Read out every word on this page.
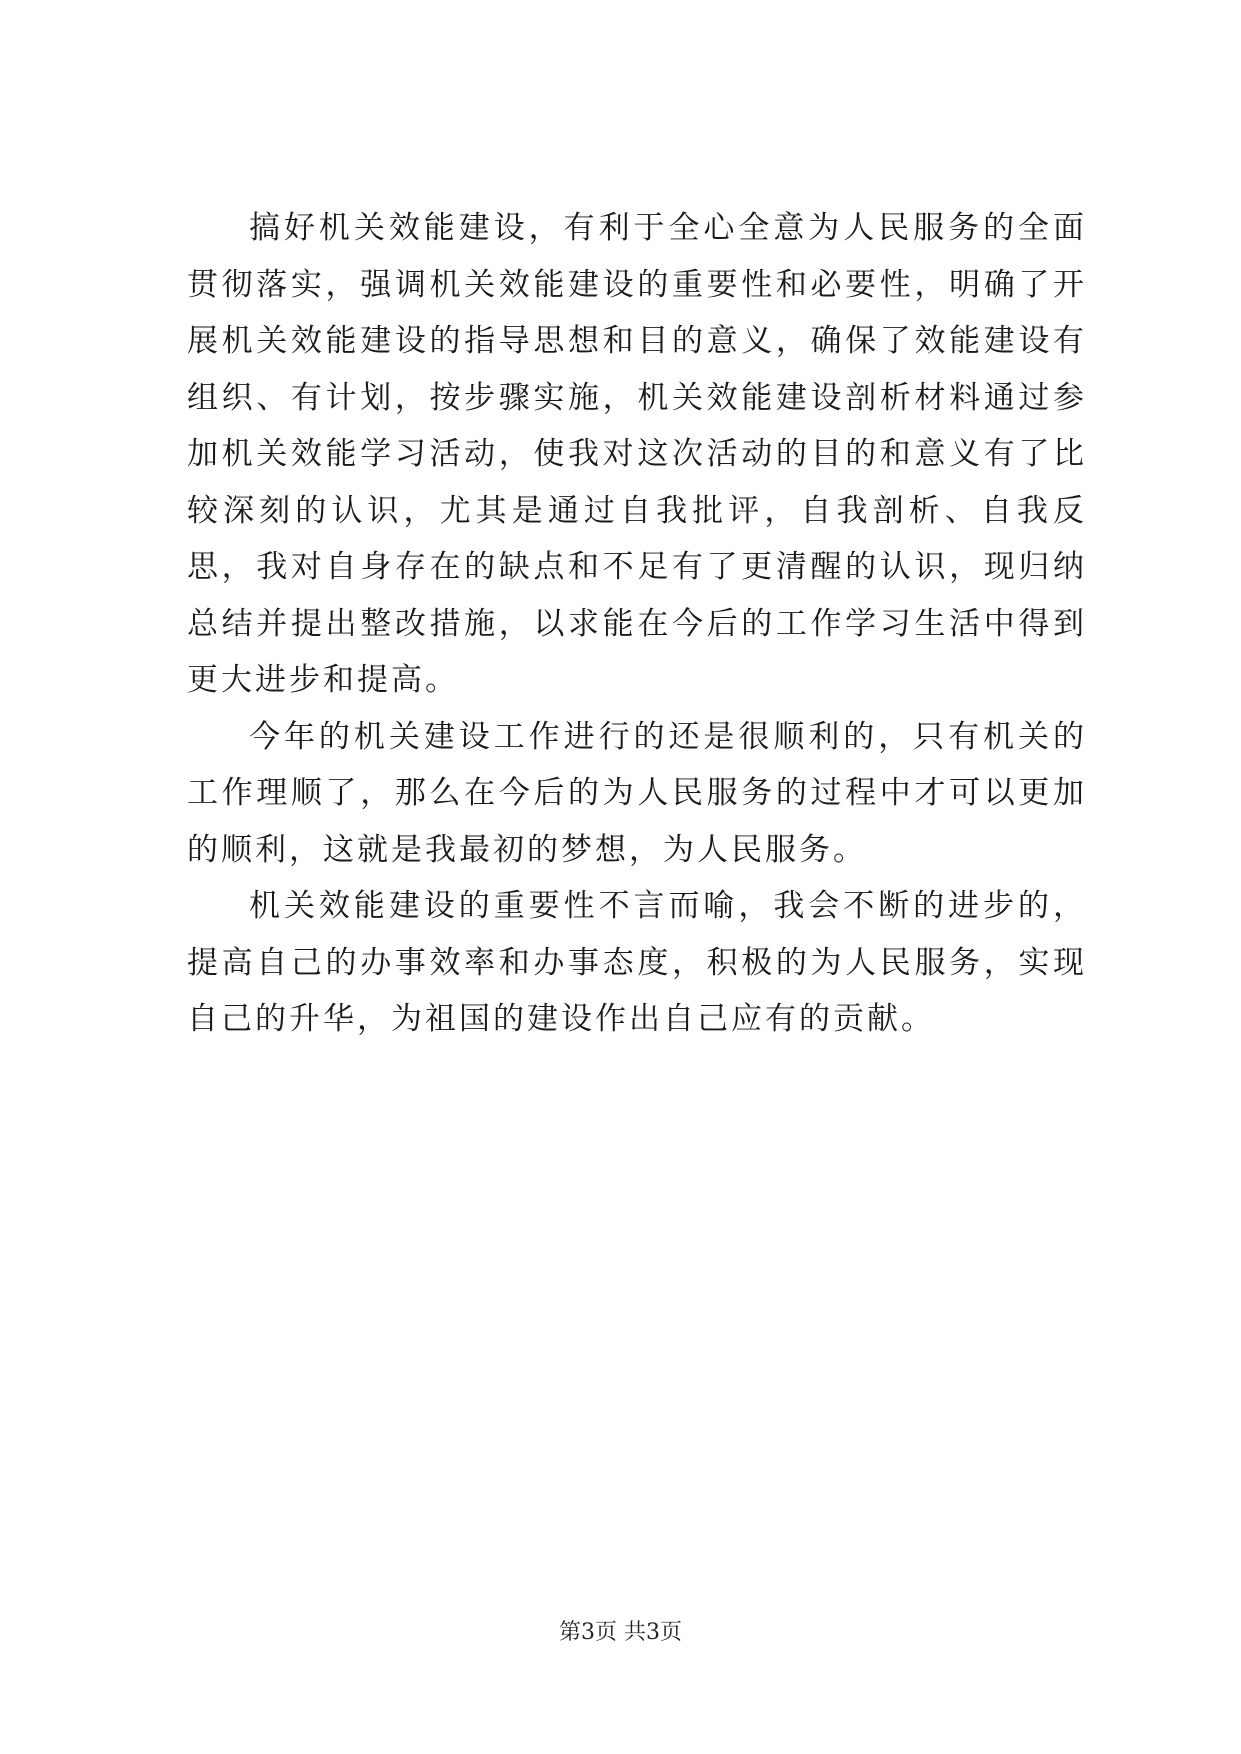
搞好机关效能建设，有利于全心全意为人民服务的全面贯彻落实，强调机关效能建设的重要性和必要性，明确了开展机关效能建设的指导思想和目的意义，确保了效能建设有组织、有计划，按步骤实施，机关效能建设剖析材料通过参加机关效能学习活动，使我对这次活动的目的和意义有了比较深刻的认识，尤其是通过自我批评，自我剖析、自我反思，我对自身存在的缺点和不足有了更清醒的认识，现归纳总结并提出整改措施，以求能在今后的工作学习生活中得到更大进步和提高。

今年的机关建设工作进行的还是很顺利的，只有机关的工作理顺了，那么在今后的为人民服务的过程中才可以更加的顺利，这就是我最初的梦想，为人民服务。

机关效能建设的重要性不言而喻，我会不断的进步的，提高自己的办事效率和办事态度，积极的为人民服务，实现自己的升华，为祖国的建设作出自己应有的贡献。

第3页 共3页
